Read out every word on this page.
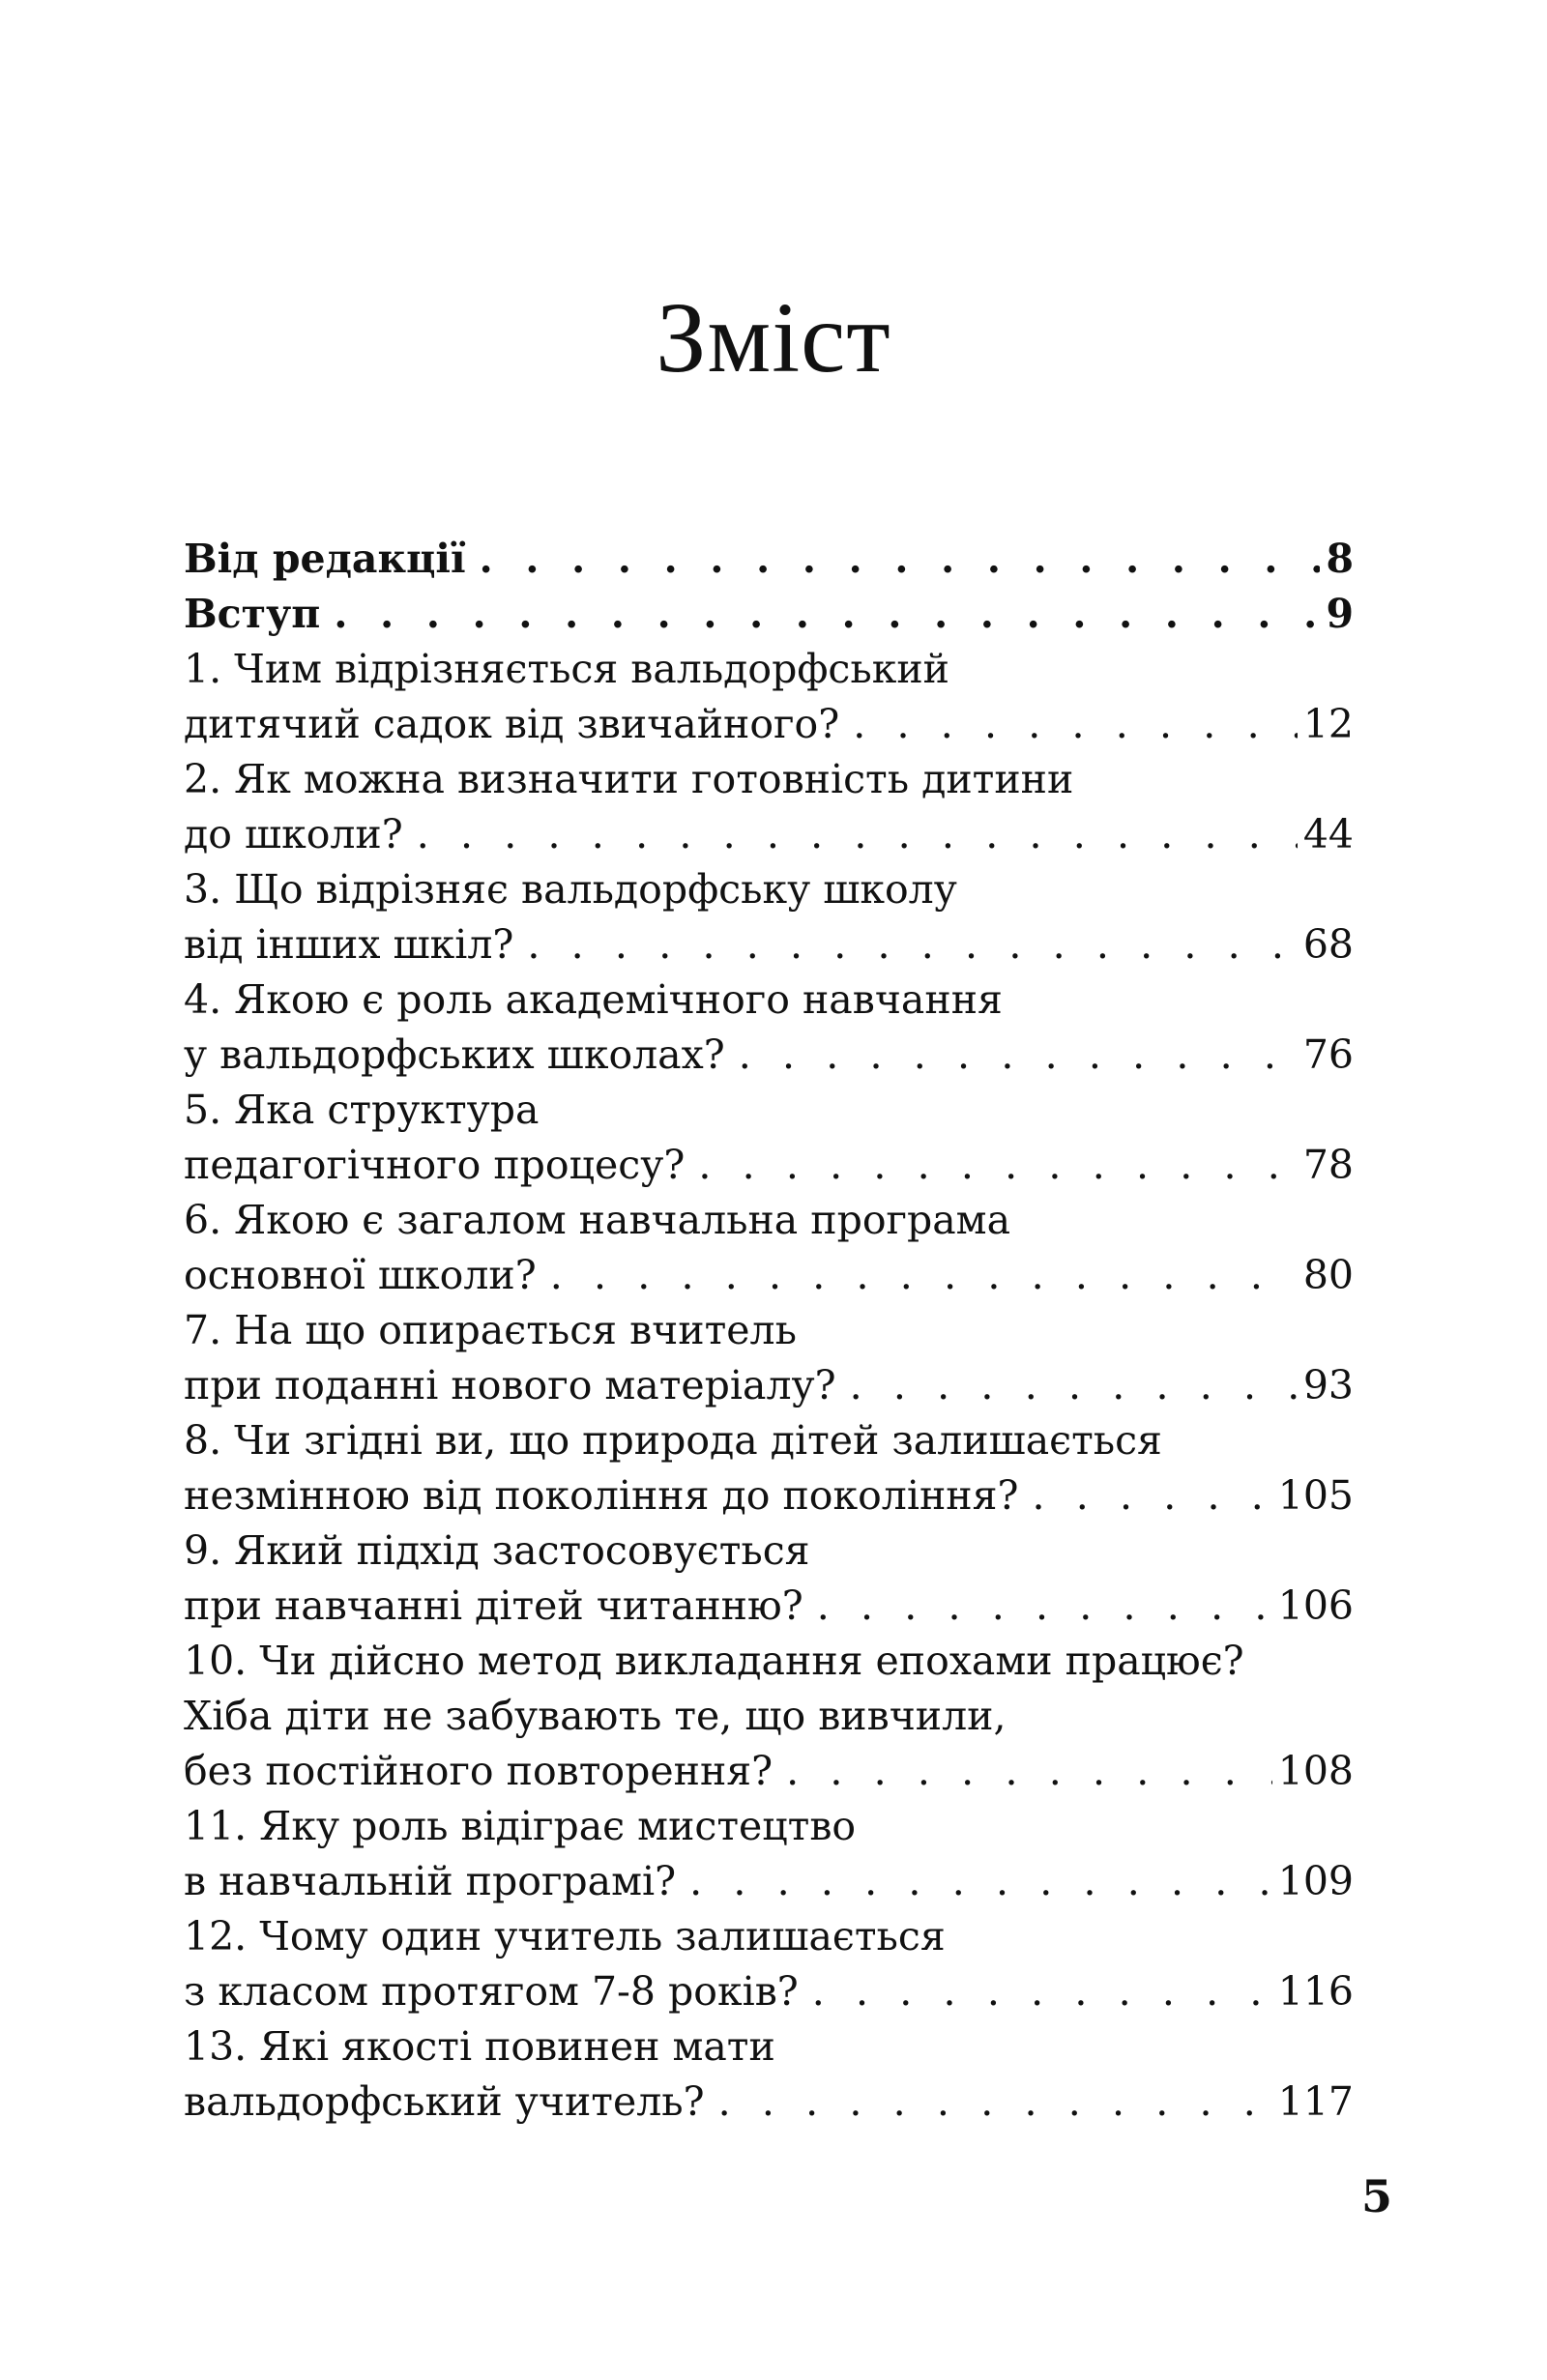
Зміст
Від редакції . . .	8
Вступ . . .	9
1. Чим відрізняється вальдорфський
дитячий садок від звичайного? . . .	12
2. Як можна визначити готовність дитини
до школи? . . .	44
3. Що відрізняє вальдорфську школу
від інших шкіл? . . .	68
4. Якою є роль академічного навчання
у вальдорфських школах? . . .	76
5. Яка структура
педагогічного процесу? . . .	78
6. Якою є загалом навчальна програма
основної школи? . . .	80
7. На що опирається вчитель
при поданні нового матеріалу? . . .	93
8. Чи згідні ви, що природа дітей залишається
незмінною від покоління до покоління? . . .	105
9. Який підхід застосовується
при навчанні дітей читанню? . . .	106
10. Чи дійсно метод викладання епохами працює?
Хіба діти не забувають те, що вивчили,
без постійного повторення? . . .	108
11. Яку роль відіграє мистецтво
в навчальній програмі? . . .	109
12. Чому один учитель залишається
з класом протягом 7-8 років? . . .	116
13. Які якості повинен мати
вальдорфський учитель? . . .	117
5
